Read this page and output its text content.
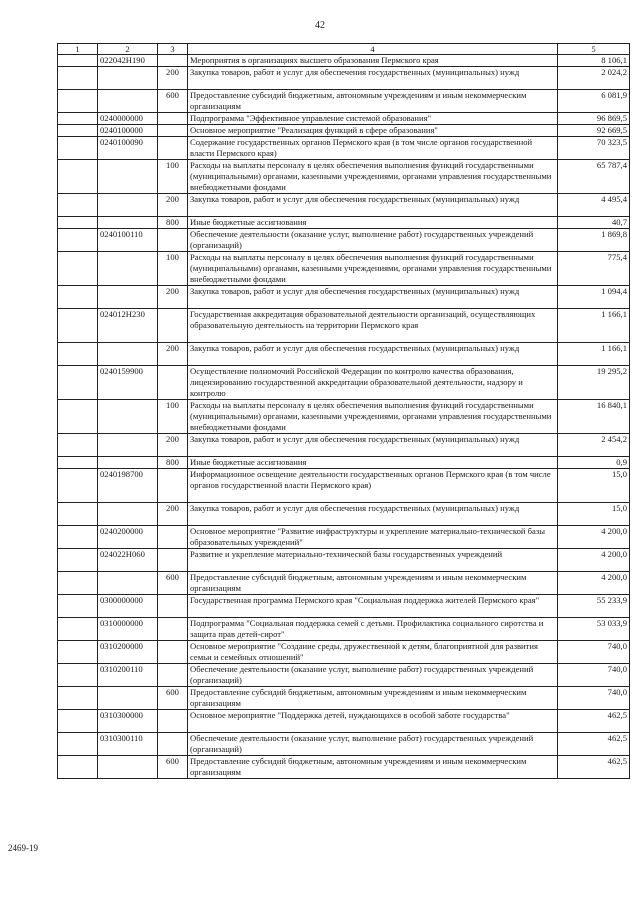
42
1	2	3	4	5
	022042Н190		Мероприятия в организациях высшего образования Пермского края	8 106,1
		200	Закупка товаров, работ и услуг для обеспечения государственных (муниципальных) нужд	2 024,2
		600	Предоставление субсидий бюджетным, автономным учреждениям и иным некоммерческим организациям	6 081,9
	0240000000		Подпрограмма "Эффективное управление системой образования"	96 869,5
	0240100000		Основное мероприятие "Реализация функций в сфере образования"	92 669,5
	0240100090		Содержание государственных органов Пермского края (в том числе органов государственной власти Пермского края)	70 323,5
		100	Расходы на выплаты персоналу в целях обеспечения выполнения функций государственными (муниципальными) органами, казенными учреждениями, органами управления государственными внебюджетными фондами	65 787,4
		200	Закупка товаров, работ и услуг для обеспечения государственных (муниципальных) нужд	4 495,4
		800	Иные бюджетные ассигнования	40,7
	0240100110		Обеспечение деятельности (оказание услуг, выполнение работ) государственных учреждений (организаций)	1 869,8
		100	Расходы на выплаты персоналу в целях обеспечения выполнения функций государственными (муниципальными) органами, казенными учреждениями, органами управления государственными внебюджетными фондами	775,4
		200	Закупка товаров, работ и услуг для обеспечения государственных (муниципальных) нужд	1 094,4
	024012Н230		Государственная аккредитация образовательной деятельности организаций, осуществляющих образовательную деятельность на территории Пермского края	1 166,1
		200	Закупка товаров, работ и услуг для обеспечения государственных (муниципальных) нужд	1 166,1
	0240159900		Осуществление полномочий Российской Федерации по контролю качества образования, лицензированию государственной аккредитации образовательной деятельности, надзору и контролю	19 295,2
		100	Расходы на выплаты персоналу в целях обеспечения выполнения функций государственными (муниципальными) органами, казенными учреждениями, органами управления государственными внебюджетными фондами	16 840,1
		200	Закупка товаров, работ и услуг для обеспечения государственных (муниципальных) нужд	2 454,2
		800	Иные бюджетные ассигнования	0,9
	0240198700		Информационное освещение деятельности государственных органов Пермского края (в том числе органов государственной власти Пермского края)	15,0
		200	Закупка товаров, работ и услуг для обеспечения государственных (муниципальных) нужд	15,0
	0240200000		Основное мероприятие "Развитие инфраструктуры и укрепление материально-технической базы образовательных учреждений"	4 200,0
	024022Н060		Развитие и укрепление материально-технической базы государственных учреждений	4 200,0
		600	Предоставление субсидий бюджетным, автономным учреждениям и иным некоммерческим организациям	4 200,0
	0300000000		Государственная программа Пермского края "Социальная поддержка жителей Пермского края"	55 233,9
	0310000000		Подпрограмма "Социальная поддержка семей с детьми. Профилактика социального сиротства и защита прав детей-сирот"	53 033,9
	0310200000		Основное мероприятие "Создание среды, дружественной к детям, благоприятной для развития семьи и семейных отношений"	740,0
	0310200110		Обеспечение деятельности (оказание услуг, выполнение работ) государственных учреждений (организаций)	740,0
		600	Предоставление субсидий бюджетным, автономным учреждениям и иным некоммерческим организациям	740,0
	0310300000		Основное мероприятие "Поддержка детей, нуждающихся в особой заботе государства"	462,5
	0310300110		Обеспечение деятельности (оказание услуг, выполнение работ) государственных учреждений (организаций)	462,5
		600	Предоставление субсидий бюджетным, автономным учреждениям и иным некоммерческим организациям	462,5
2469-19
